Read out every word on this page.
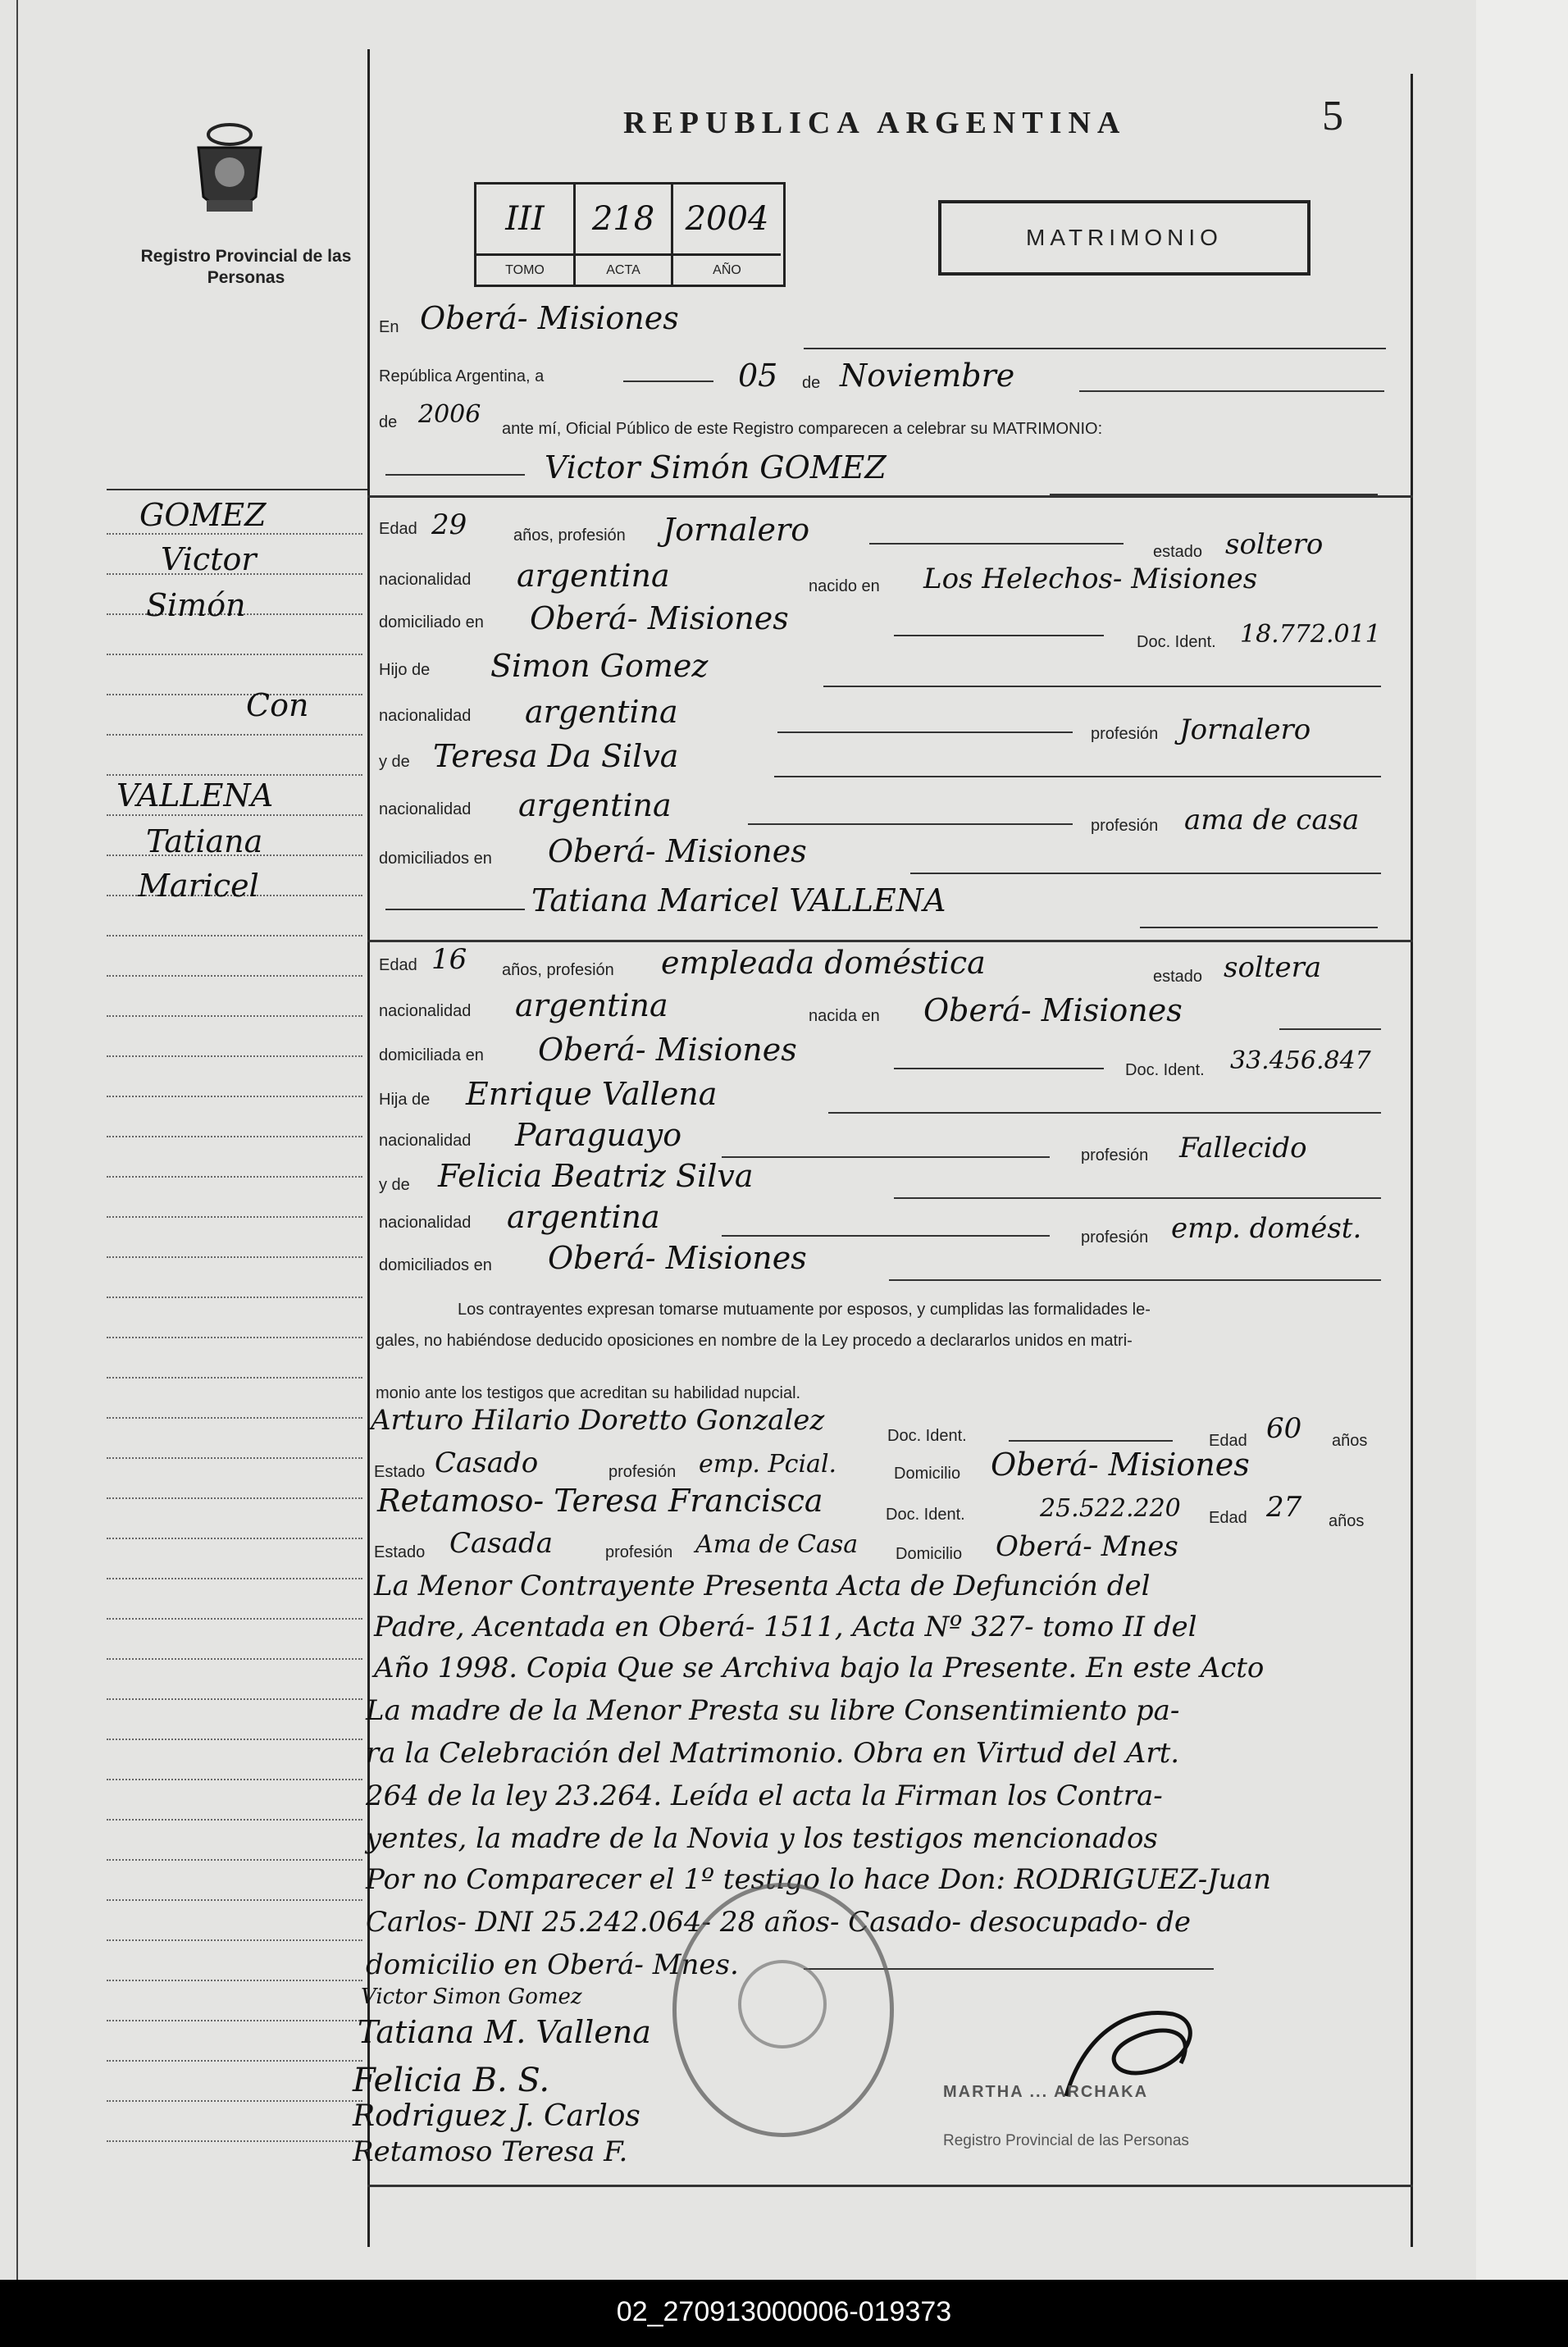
Registro Provincial de las Personas
REPUBLICA ARGENTINA	5
III	218 2004
TOMO	ACTA	AÑO
MATRIMONIO
GOMEZ
Victor
Simón
Con
VALLENA
Tatiana
Maricel
En Oberá- Misiones
República Argentina, a	05 de Noviembre
de 2006 ante mí, Oficial Público de este Registro comparecen a celebrar su MATRIMONIO:
Victor Simón GOMEZ
Edad 29	años, profesión Jornalero
estado soltero
nacionalidad argentina	nacido en Los Helechos- Misiones
domiciliado en Oberá- Misiones
Doc. Ident. 18.772.011
Hijo de Simon Gomez
nacionalidad argentina
profesión Jornalero
y de Teresa Da Silva
nacionalidad argentina
profesión ama de casa
domiciliados en Oberá- Misiones
Tatiana Maricel VALLENA
Edad 16 años, profesión empleada doméstica	estado soltera
nacionalidad argentina	nacida en Oberá- Misiones
domiciliada en Oberá- Misiones
Doc. Ident. 33.456.847
Hija de Enrique Vallena
nacionalidad Paraguayo
profesión Fallecido
y de Felicia Beatriz Silva
nacionalidad argentina
profesión emp. domést.
domiciliados en Oberá- Misiones
Los contrayentes expresan tomarse mutuamente por esposos, y cumplidas las formalidades le-
gales, no habiéndose deducido oposiciones en nombre de la Ley procedo a declararlos unidos en matri-
monio ante los testigos que acreditan su habilidad nupcial.
Arturo Hilario Doretto Gonzalez	Doc. Ident.	Edad 60 años
Estado Casado	profesión emp. Pcial.	Domicilio Oberá- Misiones
Retamoso- Teresa Francisca	Doc. Ident.	25.522.220 Edad 27 años
Estado Casada	profesión Ama de Casa Domicilio Oberá- Mnes
La Menor Contrayente Presenta Acta de Defunción del
Padre, Acentada en Oberá- 1511, Acta Nº 327- tomo II del
Año 1998. Copia Que se Archiva bajo la Presente. En este Acto
La madre de la Menor Presta su libre Consentimiento pa-
ra la Celebración del Matrimonio. Obra en Virtud del Art.
264 de la ley 23.264. Leída el acta la Firman los Contra-
yentes, la madre de la Novia y los testigos mencionados
Por no Comparecer el 1º testigo lo hace Don: RODRIGUEZ-Juan
Carlos- DNI 25.242.064- 28 años- Casado- desocupado- de
domicilio en Oberá- Mnes.
Victor Simon Gomez
Tatiana M. Vallena
Felicia B. S.
Rodriguez J. Carlos
Retamoso Teresa F.
MARTHA ... ARCHAKA
Registro Provincial de las Personas
02_270913000006-019373
